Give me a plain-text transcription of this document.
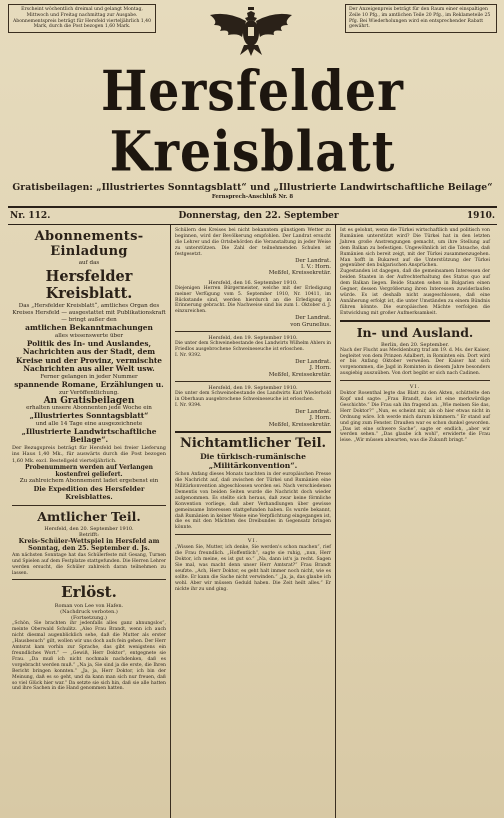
Erscheint wöchentlich dreimal und gelangt Montag, Mittwoch und Freitag nachmittag zur Ausgabe. Abonnementspreis beträgt für Hersfeld vierteljährlich 1,40 Mark, durch die Post bezogen 1,60 Mark.
Der Anzeigenpreis beträgt für den Raum einer einspaltigen Zeile 10 Pfg., im amtlichen Teile 20 Pfg., im Reklameteile 25 Pfg. Bei Wiederholungen wird ein entsprechender Rabatt gewährt.
Hersfelder Kreisblatt
Gratisbeilagen: „Illustriertes Sonntagsblatt“ und „Illustrierte Landwirtschaftliche Beilage“
Fernsprech-Anschluß Nr. 8
Nr. 112.	Donnerstag, den 22. September	1910.
Abonnements-Einladung
auf das
Hersfelder Kreisblatt.
Das „Hersfelder Kreisblatt“, amtliches Organ des Kreises Hersfeld — ausgestattet mit Publikationskraft — bringt außer den
amtlichen Bekanntmachungen
alles wissenswerte über
Politik des In- und Auslandes, Nachrichten aus der Stadt, dem Kreise und der Provinz, vermischte Nachrichten aus aller Welt usw.
Ferner gelangen in jeder Nummer
spannende Romane, Erzählungen u.
zur Veröffentlichung.
An Gratisbeilagen
erhalten unsere Abonnenten jede Woche ein
„Illustriertes Sonntagsblatt“
und alle 14 Tage eine ausgezeichnete
„Illustrierte Landwirtschaftliche Beilage“.
Der Bezugspreis beträgt für Hersfeld bei freier Lieferung ins Haus 1,40 Mk., für auswärts durch die Post bezogen 1,60 Mk. excl. Bestellgeld vierteljährlich.
Probenummern werden auf Verlangen kostenfrei geliefert.
Zu zahlreichem Abonnement ladet ergebenst ein
Die Expedition des Hersfelder Kreisblattes.
Amtlicher Teil.
Hersfeld, den 20. September 1910.
Betrifft:
Kreis-Schüler-Wettspiel in Hersfeld am Sonntag, den 25. September d. Js.
Am nächsten Sonntage hat das Schülerfeste mit Gesang, Turnen und Spielen auf dem Festplatze stattgefunden. Die Herren Lehrer werden ersucht, die Schüler zahlreich daran teilnehmen zu lassen.
Erlöst.
Roman von Lee von Hafen.
(Nachdruck verboten.)
(Fortsetzung.)
„Schön, Sie brachten ihr jedenfalls alles ganz ahnungslos“, meinte Oberwald Schulitz. „Also Frau Brandt, wenn ich auch nicht diesmal augenblicklich sehe, daß die Mutter als erster „Hausbesuch“ gilt, wollen wir uns doch aufs fein gehen. Der Herr Amtsrat kam vorhin zur Sprache, das gibt wenigstens ein freundliches Wort.“ — „Gewiß, Herr Doktor“, entgegnete sie Frau. „Da muß ich nicht nochmals nachdenken, daß es vorgebracht werden muß.“ „Na ja, Sie sind ja die erste, die Ihren Bericht bringen konnten.“ „Ja, ja, Herr Doktor, ich bin der Meinung, daß es so geht, und da kann man sich nur freuen, daß so viel Glück hier war.“ Da setzte sie sich hin, daß sie alle hatten und ihre Sachen in die Hand genommen hatten.
Schülern des Kreises bei nicht bekanntem günstigem Wetter zu beginnen, wird der Bevölkerung empfohlen. Der Landrat ersucht die Lehrer und die Ortsbehörden die Veranstaltung in jeder Weise zu unterstützen. Die Zahl der teilnehmenden Schulen ist festgesetzt.
Der Landrat.
I. V.: Horn.
Meßfel, Kreissekretär.
Hersfeld, den 16. September 1910.
Diejenigen Herren Bürgermeister, welche mit der Erledigung meiner Verfügung vom 5. September 1910, Nr. 10411, im Rückstande sind, werden hierdurch an die Erledigung in Erinnerung gebracht. Die Nachweise sind bis zum 1. Oktober d. J. einzureichen.
Der Landrat.
von Grunelius.
Hersfeld, den 19. September 1910.
Die unter dem Schweinebestande des Landwirts Wilhelm Ahlers in Friedlos ausgebrochene Schweineseuche ist erloschen.
I. Nr. 9392.
Der Landrat.
J. Horn.
Meßfel, Kreissekretär.
Hersfeld, den 19. September 1910.
Die unter dem Schweinebestande des Landwirts Karl Wiederhold in Oberhaun ausgebrochene Schweineseuche ist erloschen.
I. Nr. 9394.
Der Landrat.
J. Horn.
Meßfel, Kreissekretär.
Nichtamtlicher Teil.
Die türkisch-rumänische „Militärkonvention“.
Schon Anfang dieses Monats tauchten in der europäischen Presse die Nachricht auf, daß zwischen der Türkei und Rumänien eine Militärkonvention abgeschlossen worden sei. Nach verschiedenen Dementis von beiden Seiten wurde die Nachricht doch wieder aufgenommen. Es stellte sich heraus, daß zwar keine förmliche Konvention vorliege, daß aber Verhandlungen über gewisse gemeinsame Interessen stattgefunden haben. Es wurde bekannt, daß Rumänien in keiner Weise eine Verpflichtung eingegangen ist, die es mit den Mächten des Dreibundes in Gegensatz bringen könnte.
VI.
„Wissen Sie, Mutter, ich denke, Sie werden's schon machen“, rief die Frau freundlich. „Hoffentlich“, sagte sie ruhig, „nun, Herr Doktor, ich meine, es ist gut so.“ „Na, dann ist's ja recht. Sagen Sie mal, was macht denn unser Herr Amtsrat?“ Frau Brandt seufzte. „Ach, Herr Doktor, es geht halt immer noch nicht, wie es sollte. Er kann die Sache nicht verwinden.“ „Ja, ja, das glaube ich wohl. Aber wir müssen Geduld haben. Die Zeit heilt alles.“ Er nickte ihr zu und ging.
Ist es gelohnt, wenn die Türkei wirtschaftlich und politisch von Rumänien unterstützt wird? Die Türkei hat in den letzten Jahren große Anstrengungen gemacht, um ihre Stellung auf dem Balkan zu befestigen. Ungewöhnlich ist die Tatsache, daß Rumänien sich bereit zeigt, mit der Türkei zusammenzugehen. Man hofft in Bukarest auf die Unterstützung der Türkei gegenüber den bulgarischen Ansprüchen.
Zugestanden ist dagegen, daß die gemeinsamen Interessen der beiden Staaten in der Aufrechterhaltung des Status quo auf dem Balkan liegen. Beide Staaten sehen in Bulgarien einen Gegner, dessen Vergrößerung ihren Interessen zuwiderlaufen würde. Es ist deshalb nicht ausgeschlossen, daß eine Annäherung erfolgt ist, die unter Umständen zu einem Bündnis führen könnte. Die europäischen Mächte verfolgen die Entwicklung mit großer Aufmerksamkeit.
In- und Ausland.
Berlin, den 20. September.
Nach der Flucht aus Mecklenburg traf am 19. d. Ms. der Kaiser, begleitet von dem Prinzen Adalbert, in Rominten ein. Dort wird er bis Anfang Oktober verweilen. Der Kaiser hat sich vorgenommen, die Jagd in Rominten in diesem Jahre besonders ausgiebig auszuüben. Von dort begibt er sich nach Cadinen.
VI.
Doktor Rosenthal legte das Blatt zu den Akten, schüttelte den Kopf und sagte: „Frau Brandt, das ist eine merkwürdige Geschichte.“ Die Frau sah ihn fragend an. „Wie meinen Sie das, Herr Doktor?“ „Nun, es scheint mir, als ob hier etwas nicht in Ordnung wäre. Ich werde mich darum kümmern.“ Er stand auf und ging zum Fenster. Draußen war es schon dunkel geworden. „Das ist eine schwere Sache“, sagte er endlich, „aber wir werden sehen.“ „Das glaube ich wohl“, erwiderte die Frau leise. „Wir müssen abwarten, was die Zukunft bringt.“
